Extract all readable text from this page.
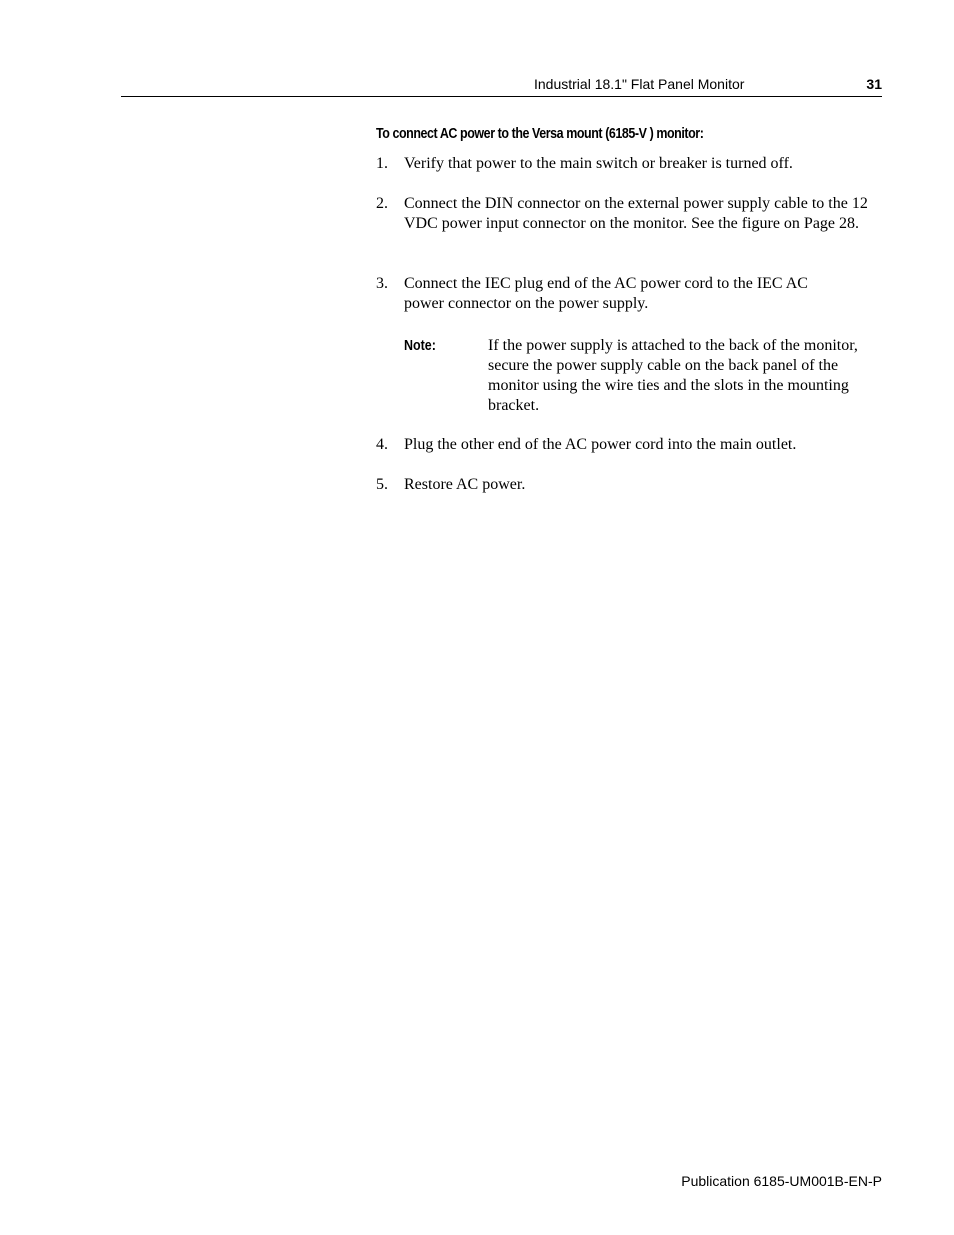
Industrial 18.1" Flat Panel Monitor	31
To connect AC power to the Versa mount (6185-V ) monitor:
1. Verify that power to the main switch or breaker is turned off.
2. Connect the DIN connector on the external power supply cable to the 12 VDC power input connector on the monitor. See the figure on Page 28.
3. Connect the IEC plug end of the AC power cord to the IEC AC power connector on the power supply.
Note:	If the power supply is attached to the back of the monitor, secure the power supply cable on the back panel of the monitor using the wire ties and the slots in the mounting bracket.
4. Plug the other end of the AC power cord into the main outlet.
5. Restore AC power.
Publication 6185-UM001B-EN-P
